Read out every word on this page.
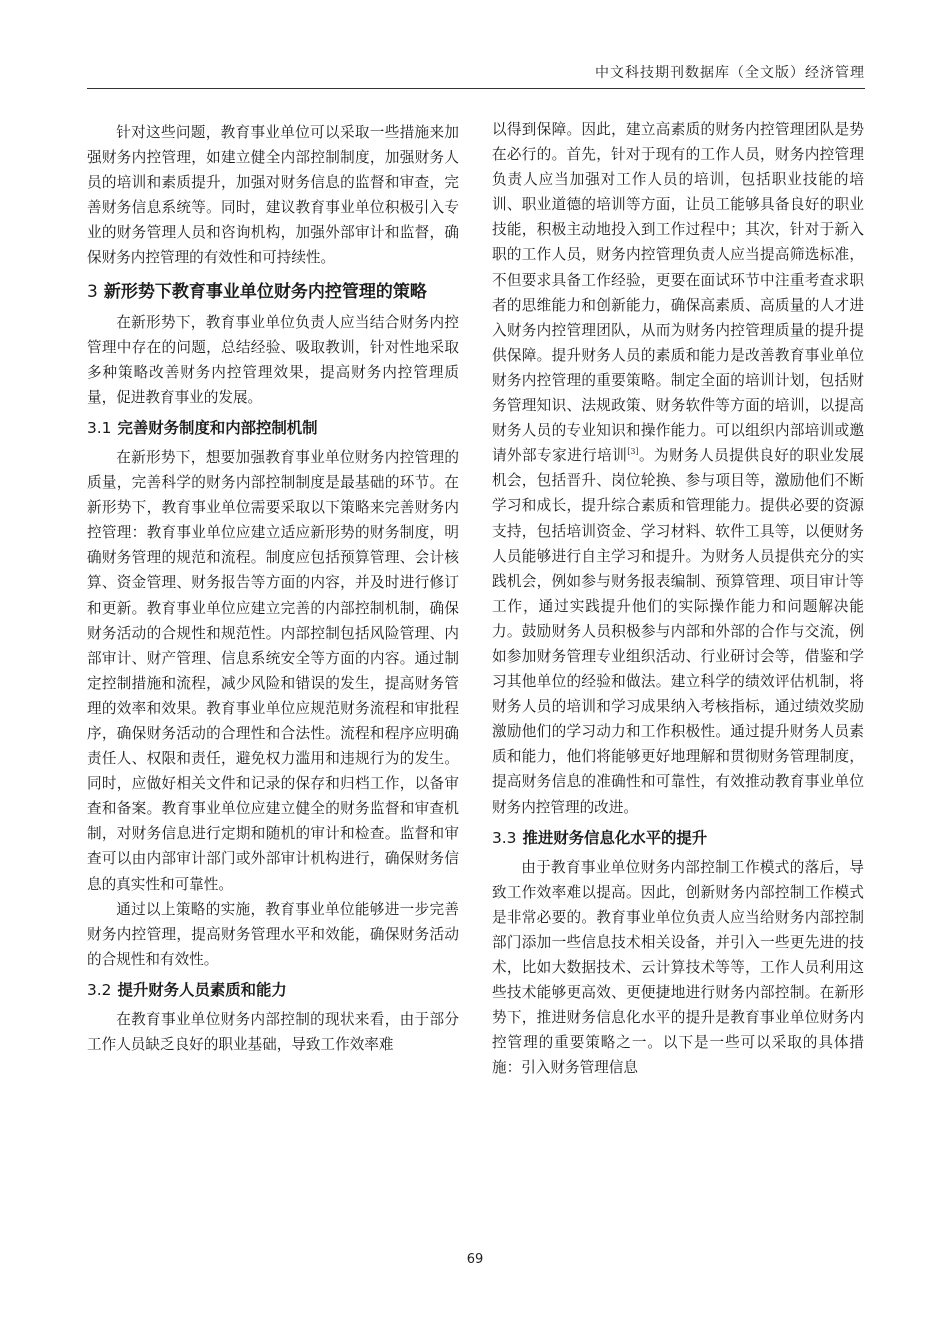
中文科技期刊数据库（全文版）经济管理

针对这些问题，教育事业单位可以采取一些措施来加强财务内控管理，如建立健全内部控制制度，加强财务人员的培训和素质提升，加强对财务信息的监督和审查，完善财务信息系统等。同时，建议教育事业单位积极引入专业的财务管理人员和咨询机构，加强外部审计和监督，确保财务内控管理的有效性和可持续性。

3 新形势下教育事业单位财务内控管理的策略

在新形势下，教育事业单位负责人应当结合财务内控管理中存在的问题，总结经验、吸取教训，针对性地采取多种策略改善财务内控管理效果，提高财务内控管理质量，促进教育事业的发展。

3.1 完善财务制度和内部控制机制

在新形势下，想要加强教育事业单位财务内控管理的质量，完善科学的财务内部控制制度是最基础的环节。在新形势下，教育事业单位需要采取以下策略来完善财务内控管理：教育事业单位应建立适应新形势的财务制度，明确财务管理的规范和流程。制度应包括预算管理、会计核算、资金管理、财务报告等方面的内容，并及时进行修订和更新。教育事业单位应建立完善的内部控制机制，确保财务活动的合规性和规范性。内部控制包括风险管理、内部审计、财产管理、信息系统安全等方面的内容。通过制定控制措施和流程，减少风险和错误的发生，提高财务管理的效率和效果。教育事业单位应规范财务流程和审批程序，确保财务活动的合理性和合法性。流程和程序应明确责任人、权限和责任，避免权力滥用和违规行为的发生。同时，应做好相关文件和记录的保存和归档工作，以备审查和备案。教育事业单位应建立健全的财务监督和审查机制，对财务信息进行定期和随机的审计和检查。监督和审查可以由内部审计部门或外部审计机构进行，确保财务信息的真实性和可靠性。

通过以上策略的实施，教育事业单位能够进一步完善财务内控管理，提高财务管理水平和效能，确保财务活动的合规性和有效性。

3.2 提升财务人员素质和能力

在教育事业单位财务内部控制的现状来看，由于部分工作人员缺乏良好的职业基础，导致工作效率难

以得到保障。因此，建立高素质的财务内控管理团队是势在必行的。首先，针对于现有的工作人员，财务内控管理负责人应当加强对工作人员的培训，包括职业技能的培训、职业道德的培训等方面，让员工能够具备良好的职业技能，积极主动地投入到工作过程中；其次，针对于新入职的工作人员，财务内控管理负责人应当提高筛选标准，不但要求具备工作经验，更要在面试环节中注重考查求职者的思维能力和创新能力，确保高素质、高质量的人才进入财务内控管理团队，从而为财务内控管理质量的提升提供保障。提升财务人员的素质和能力是改善教育事业单位财务内控管理的重要策略。制定全面的培训计划，包括财务管理知识、法规政策、财务软件等方面的培训，以提高财务人员的专业知识和操作能力。可以组织内部培训或邀请外部专家进行培训[3]。为财务人员提供良好的职业发展机会，包括晋升、岗位轮换、参与项目等，激励他们不断学习和成长，提升综合素质和管理能力。提供必要的资源支持，包括培训资金、学习材料、软件工具等，以便财务人员能够进行自主学习和提升。为财务人员提供充分的实践机会，例如参与财务报表编制、预算管理、项目审计等工作，通过实践提升他们的实际操作能力和问题解决能力。鼓励财务人员积极参与内部和外部的合作与交流，例如参加财务管理专业组织活动、行业研讨会等，借鉴和学习其他单位的经验和做法。建立科学的绩效评估机制，将财务人员的培训和学习成果纳入考核指标，通过绩效奖励激励他们的学习动力和工作积极性。通过提升财务人员素质和能力，他们将能够更好地理解和贯彻财务管理制度，提高财务信息的准确性和可靠性，有效推动教育事业单位财务内控管理的改进。

3.3 推进财务信息化水平的提升

由于教育事业单位财务内部控制工作模式的落后，导致工作效率难以提高。因此，创新财务内部控制工作模式是非常必要的。教育事业单位负责人应当给财务内部控制部门添加一些信息技术相关设备，并引入一些更先进的技术，比如大数据技术、云计算技术等等，工作人员利用这些技术能够更高效、更便捷地进行财务内部控制。在新形势下，推进财务信息化水平的提升是教育事业单位财务内控管理的重要策略之一。以下是一些可以采取的具体措施：引入财务管理信息

69
